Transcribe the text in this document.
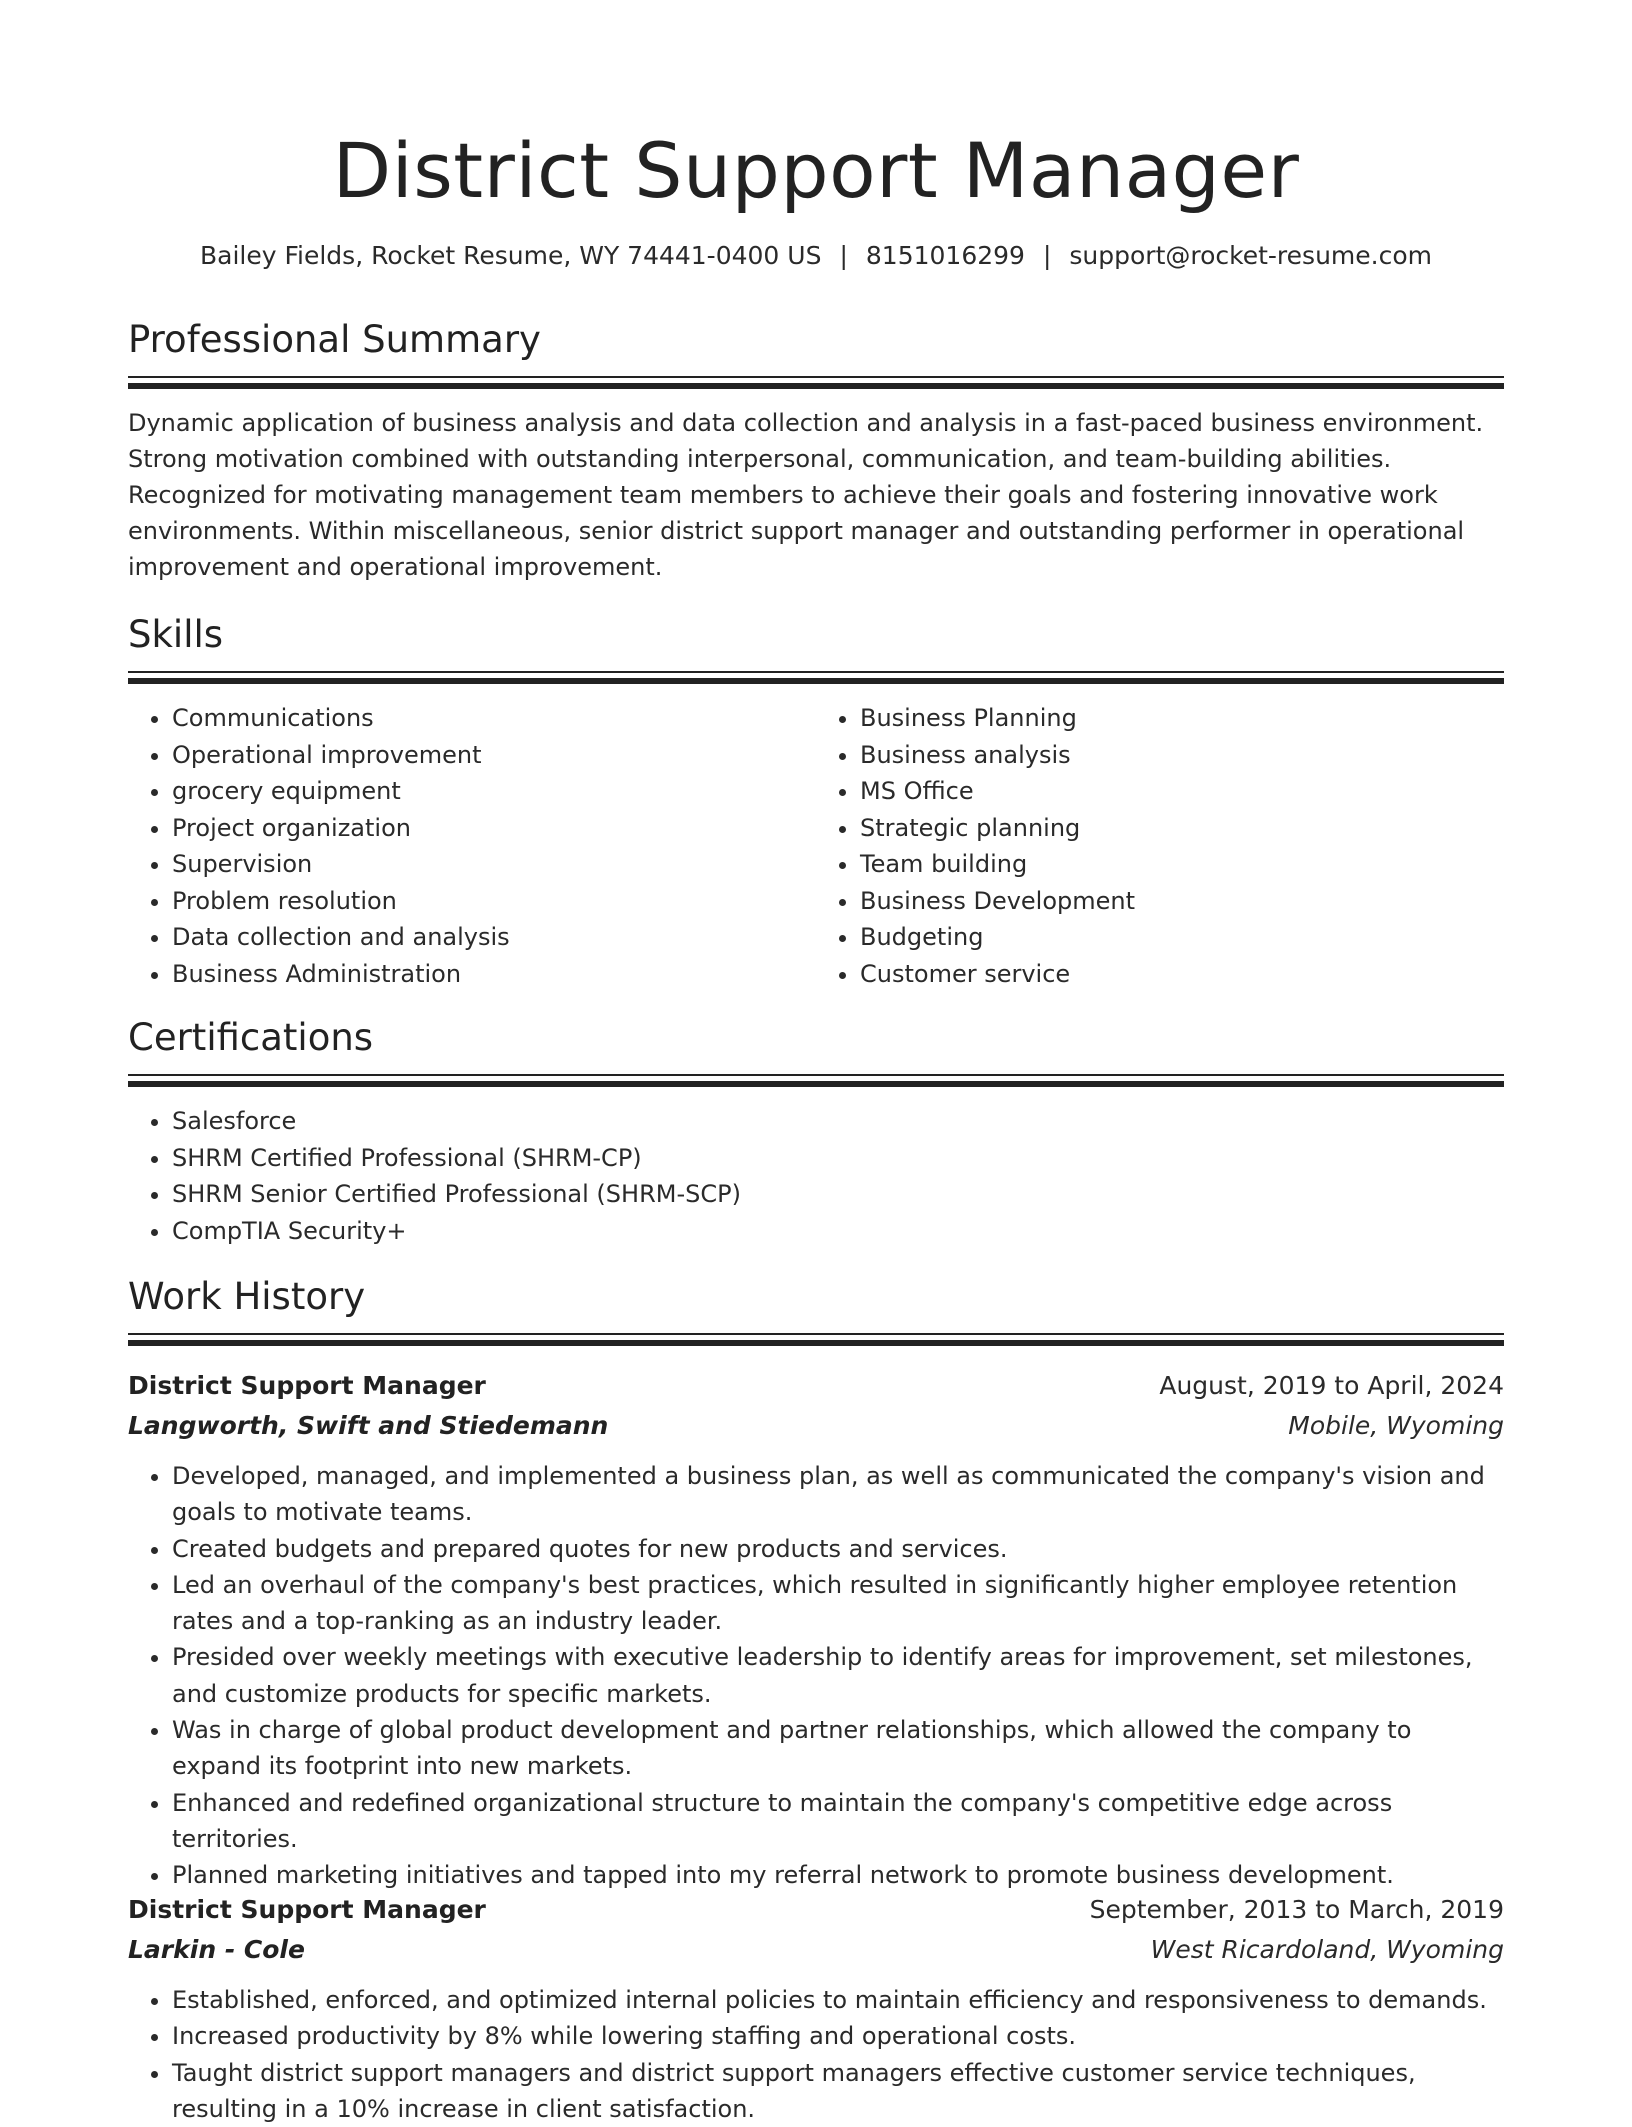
District Support Manager
Bailey Fields, Rocket Resume, WY 74441-0400 US | 8151016299 | support@rocket-resume.com
Professional Summary

Dynamic application of business analysis and data collection and analysis in a fast-paced business environment. Strong motivation combined with outstanding interpersonal, communication, and team-building abilities. Recognized for motivating management team members to achieve their goals and fostering innovative work environments. Within miscellaneous, senior district support manager and outstanding performer in operational improvement and operational improvement.

Skills
• Communications
• Operational improvement
• grocery equipment
• Project organization
• Supervision
• Problem resolution
• Data collection and analysis
• Business Administration
• Business Planning
• Business analysis
• MS Office
• Strategic planning
• Team building
• Business Development
• Budgeting
• Customer service
Certifications
• Salesforce
• SHRM Certified Professional (SHRM-CP)
• SHRM Senior Certified Professional (SHRM-SCP)
• CompTIA Security+
Work History
District Support Manager	August, 2019 to April, 2024
Langworth, Swift and Stiedemann	Mobile, Wyoming
• Developed, managed, and implemented a business plan, as well as communicated the company's vision and goals to motivate teams.
• Created budgets and prepared quotes for new products and services.
• Led an overhaul of the company's best practices, which resulted in significantly higher employee retention rates and a top-ranking as an industry leader.
• Presided over weekly meetings with executive leadership to identify areas for improvement, set milestones, and customize products for specific markets.
• Was in charge of global product development and partner relationships, which allowed the company to expand its footprint into new markets.
• Enhanced and redefined organizational structure to maintain the company's competitive edge across territories.
• Planned marketing initiatives and tapped into my referral network to promote business development.
District Support Manager	September, 2013 to March, 2019
Larkin - Cole	West Ricardoland, Wyoming
• Established, enforced, and optimized internal policies to maintain efficiency and responsiveness to demands.
• Increased productivity by 8% while lowering staffing and operational costs.
• Taught district support managers and district support managers effective customer service techniques, resulting in a 10% increase in client satisfaction.
